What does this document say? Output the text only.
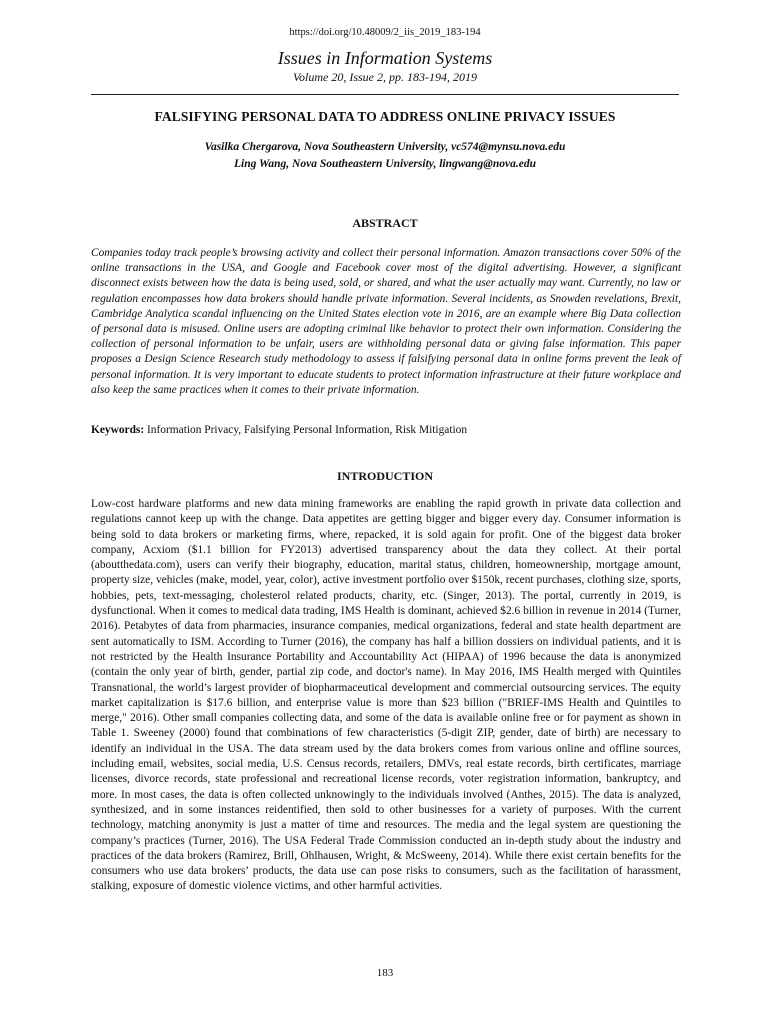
https://doi.org/10.48009/2_iis_2019_183-194
Issues in Information Systems
Volume 20, Issue 2, pp. 183-194, 2019
FALSIFYING PERSONAL DATA TO ADDRESS ONLINE PRIVACY ISSUES
Vasilka Chergarova, Nova Southeastern University, vc574@mynsu.nova.edu
Ling Wang, Nova Southeastern University, lingwang@nova.edu
ABSTRACT

Companies today track people’s browsing activity and collect their personal information. Amazon transactions cover 50% of the online transactions in the USA, and Google and Facebook cover most of the digital advertising. However, a significant disconnect exists between how the data is being used, sold, or shared, and what the user actually may want. Currently, no law or regulation encompasses how data brokers should handle private information. Several incidents, as Snowden revelations, Brexit, Cambridge Analytica scandal influencing on the United States election vote in 2016, are an example where Big Data collection of personal data is misused. Online users are adopting criminal like behavior to protect their own information. Considering the collection of personal information to be unfair, users are withholding personal data or giving false information. This paper proposes a Design Science Research study methodology to assess if falsifying personal data in online forms prevent the leak of personal information. It is very important to educate students to protect information infrastructure at their future workplace and also keep the same practices when it comes to their private information.

Keywords: Information Privacy, Falsifying Personal Information, Risk Mitigation

INTRODUCTION

Low-cost hardware platforms and new data mining frameworks are enabling the rapid growth in private data collection and regulations cannot keep up with the change. Data appetites are getting bigger and bigger every day. Consumer information is being sold to data brokers or marketing firms, where, repacked, it is sold again for profit. One of the biggest data broker company, Acxiom ($1.1 billion for FY2013) advertised transparency about the data they collect. At their portal (aboutthedata.com), users can verify their biography, education, marital status, children, homeownership, mortgage amount, property size, vehicles (make, model, year, color), active investment portfolio over $150k, recent purchases, clothing size, sports, hobbies, pets, text-messaging, cholesterol related products, charity, etc. (Singer, 2013). The portal, currently in 2019, is dysfunctional. When it comes to medical data trading, IMS Health is dominant, achieved $2.6 billion in revenue in 2014 (Turner, 2016). Petabytes of data from pharmacies, insurance companies, medical organizations, federal and state health department are sent automatically to ISM. According to Turner (2016), the company has half a billion dossiers on individual patients, and it is not restricted by the Health Insurance Portability and Accountability Act (HIPAA) of 1996 because the data is anonymized (contain the only year of birth, gender, partial zip code, and doctor's name). In May 2016, IMS Health merged with Quintiles Transnational, the world’s largest provider of biopharmaceutical development and commercial outsourcing services. The equity market capitalization is $17.6 billion, and enterprise value is more than $23 billion ("BRIEF-IMS Health and Quintiles to merge," 2016). Other small companies collecting data, and some of the data is available online free or for payment as shown in Table 1. Sweeney (2000) found that combinations of few characteristics (5-digit ZIP, gender, date of birth) are necessary to identify an individual in the USA. The data stream used by the data brokers comes from various online and offline sources, including email, websites, social media, U.S. Census records, retailers, DMVs, real estate records, birth certificates, marriage licenses, divorce records, state professional and recreational license records, voter registration information, bankruptcy, and more. In most cases, the data is often collected unknowingly to the individuals involved (Anthes, 2015). The data is analyzed, synthesized, and in some instances reidentified, then sold to other businesses for a variety of purposes. With the current technology, matching anonymity is just a matter of time and resources. The media and the legal system are questioning the company’s practices (Turner, 2016). The USA Federal Trade Commission conducted an in-depth study about the industry and practices of the data brokers (Ramirez, Brill, Ohlhausen, Wright, & McSweeny, 2014). While there exist certain benefits for the consumers who use data brokers’ products, the data use can pose risks to consumers, such as the facilitation of harassment, stalking, exposure of domestic violence victims, and other harmful activities.

183
